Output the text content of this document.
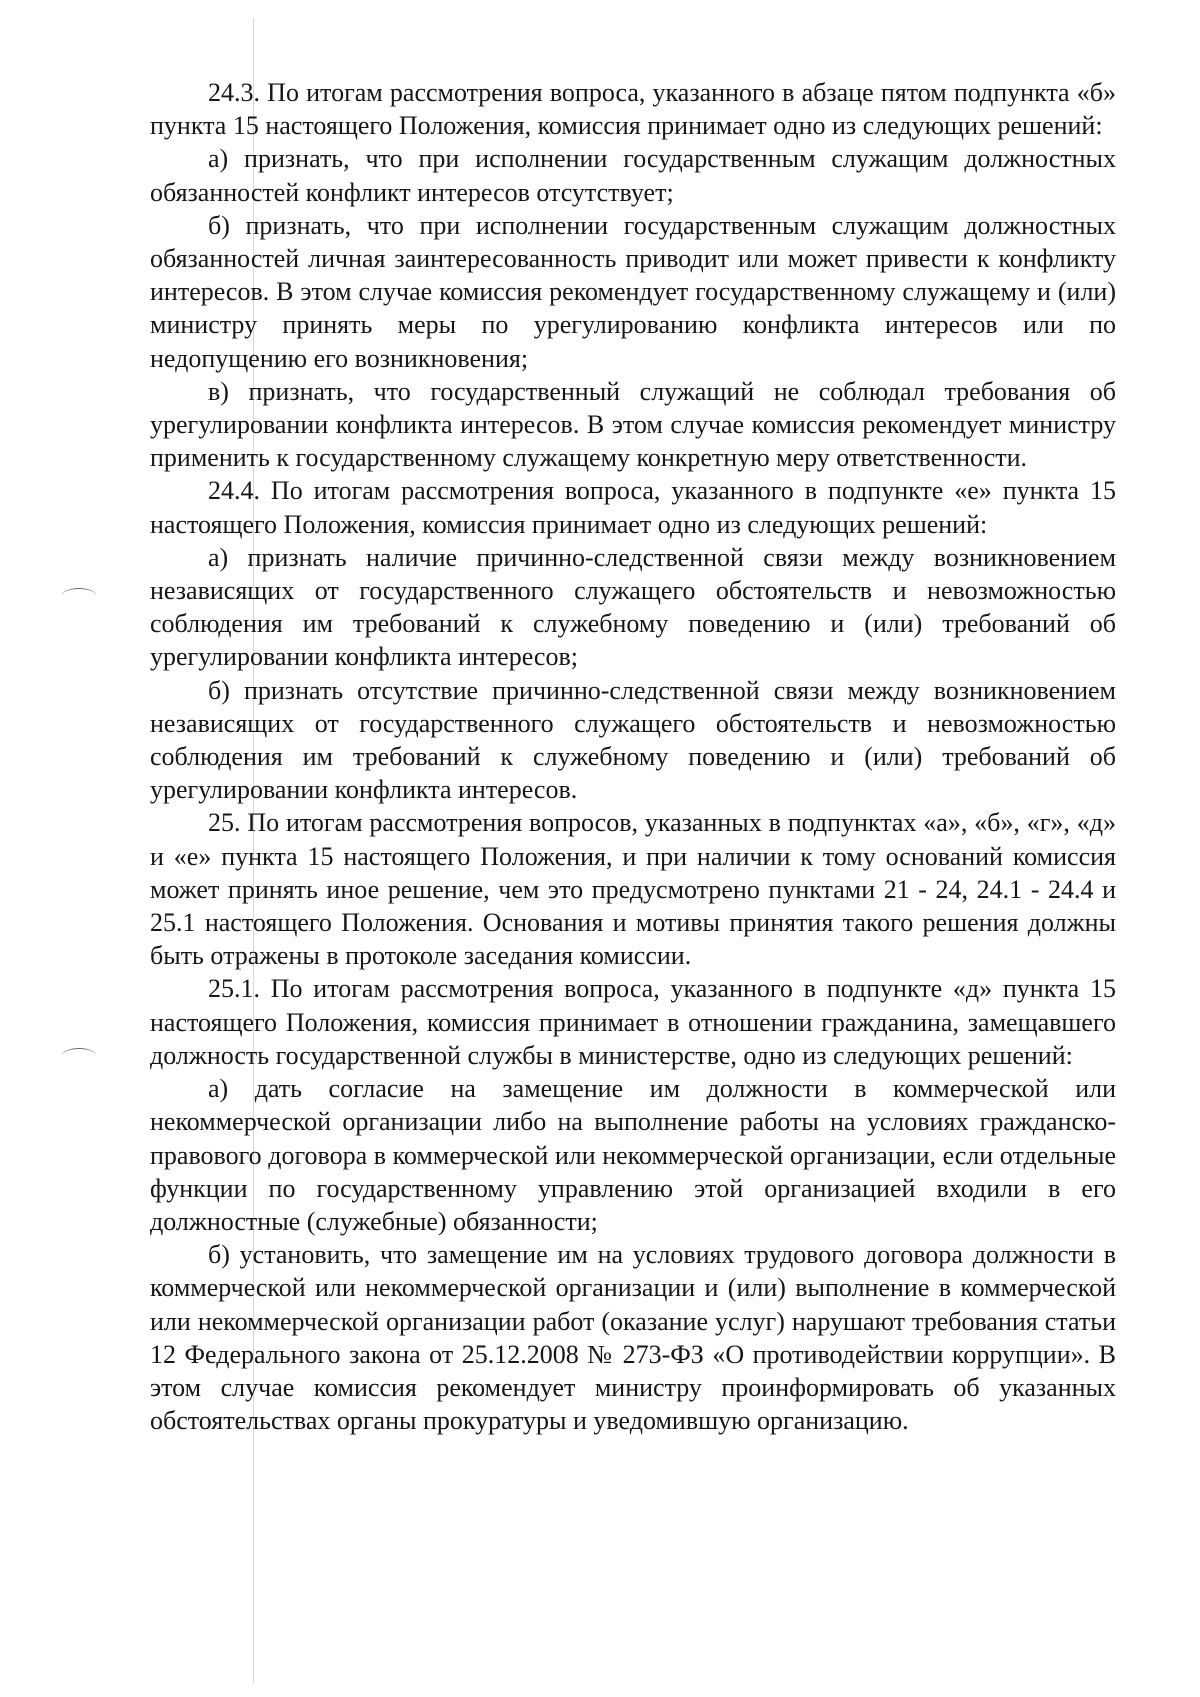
24.3. По итогам рассмотрения вопроса, указанного в абзаце пятом подпункта «б» пункта 15 настоящего Положения, комиссия принимает одно из следующих решений:

а) признать, что при исполнении государственным служащим должностных обязанностей конфликт интересов отсутствует;

б) признать, что при исполнении государственным служащим должностных обязанностей личная заинтересованность приводит или может привести к конфликту интересов. В этом случае комиссия рекомендует государственному служащему и (или) министру принять меры по урегулированию конфликта интересов или по недопущению его возникновения;

в) признать, что государственный служащий не соблюдал требования об урегулировании конфликта интересов. В этом случае комиссия рекомендует министру применить к государственному служащему конкретную меру ответственности.

24.4. По итогам рассмотрения вопроса, указанного в подпункте «е» пункта 15 настоящего Положения, комиссия принимает одно из следующих решений:

а) признать наличие причинно-следственной связи между возникновением независящих от государственного служащего обстоятельств и невозможностью соблюдения им требований к служебному поведению и (или) требований об урегулировании конфликта интересов;

б) признать отсутствие причинно-следственной связи между возникновением независящих от государственного служащего обстоятельств и невозможностью соблюдения им требований к служебному поведению и (или) требований об урегулировании конфликта интересов.

25. По итогам рассмотрения вопросов, указанных в подпунктах «а», «б», «г», «д» и «е» пункта 15 настоящего Положения, и при наличии к тому оснований комиссия может принять иное решение, чем это предусмотрено пунктами 21 - 24, 24.1 - 24.4 и 25.1 настоящего Положения. Основания и мотивы принятия такого решения должны быть отражены в протоколе заседания комиссии.

25.1. По итогам рассмотрения вопроса, указанного в подпункте «д» пункта 15 настоящего Положения, комиссия принимает в отношении гражданина, замещавшего должность государственной службы в министерстве, одно из следующих решений:

а) дать согласие на замещение им должности в коммерческой или некоммерческой организации либо на выполнение работы на условиях гражданско-правового договора в коммерческой или некоммерческой организации, если отдельные функции по государственному управлению этой организацией входили в его должностные (служебные) обязанности;

б) установить, что замещение им на условиях трудового договора должности в коммерческой или некоммерческой организации и (или) выполнение в коммерческой или некоммерческой организации работ (оказание услуг) нарушают требования статьи 12 Федерального закона от 25.12.2008 № 273-ФЗ «О противодействии коррупции». В этом случае комиссия рекомендует министру проинформировать об указанных обстоятельствах органы прокуратуры и уведомившую организацию.
